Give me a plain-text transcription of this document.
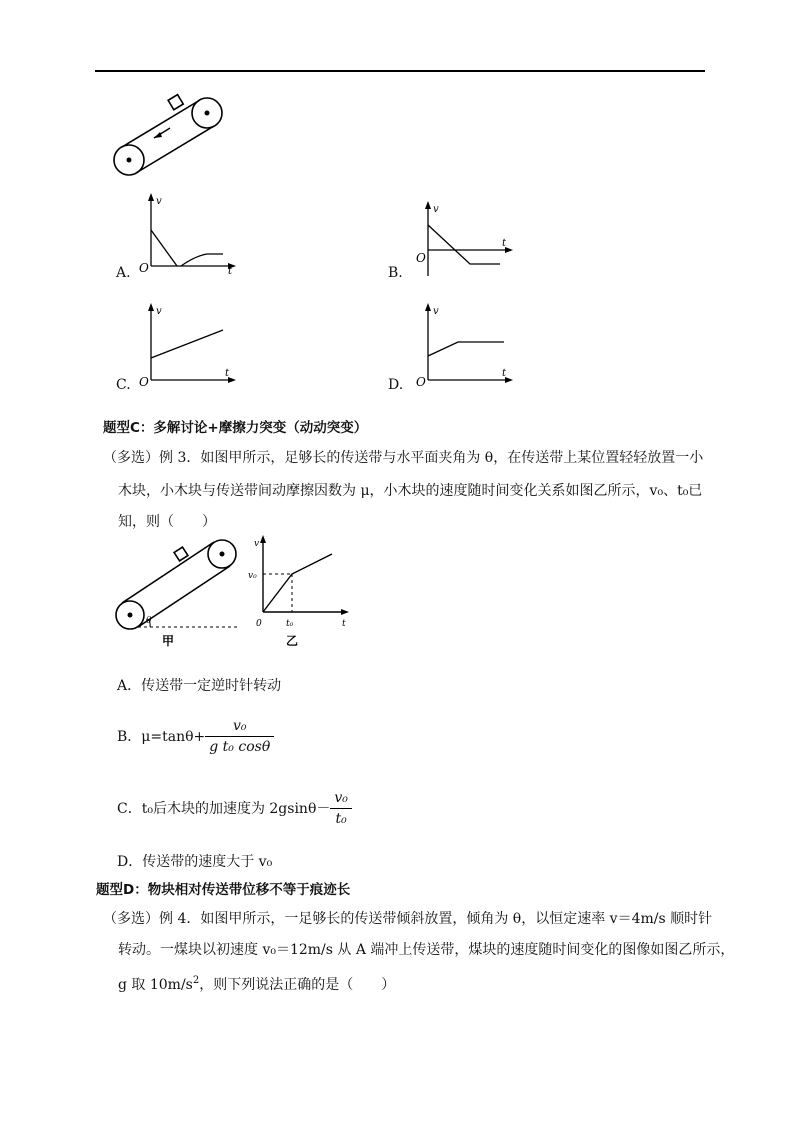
A.
v
t
O	B.
v
t
O
C.
v
t
O	D.
v
t
O
题型C：多解讨论+摩擦力突变（动动突变）
（多选）例 3．如图甲所示，足够长的传送带与水平面夹角为 θ，在传送带上某位置轻轻放置一小
木块，小木块与传送带间动摩擦因数为 μ，小木块的速度随时间变化关系如图乙所示，v₀、t₀已
知，则（　　）
θ
甲
v
v₀
t₀
0	t
乙
A．传送带一定逆时针转动
B．$\mu=\tan\theta+ \frac{\text{v₀}}{\text{g t₀ cosθ}}$
C．t₀后木块的加速度为 $2gsin\theta- \frac{\text{v₀}}{\text{t₀}}$
D．传送带的速度大于 v₀
题型D：物块相对传送带位移不等于痕迹长
（多选）例 4．如图甲所示，一足够长的传送带倾斜放置，倾角为 θ，以恒定速率 v＝4m/s 顺时针
转动。一煤块以初速度 v₀＝12m/s 从 A 端冲上传送带，煤块的速度随时间变化的图像如图乙所示，
g 取 $10m/s^2$，则下列说法正确的是（　　）
